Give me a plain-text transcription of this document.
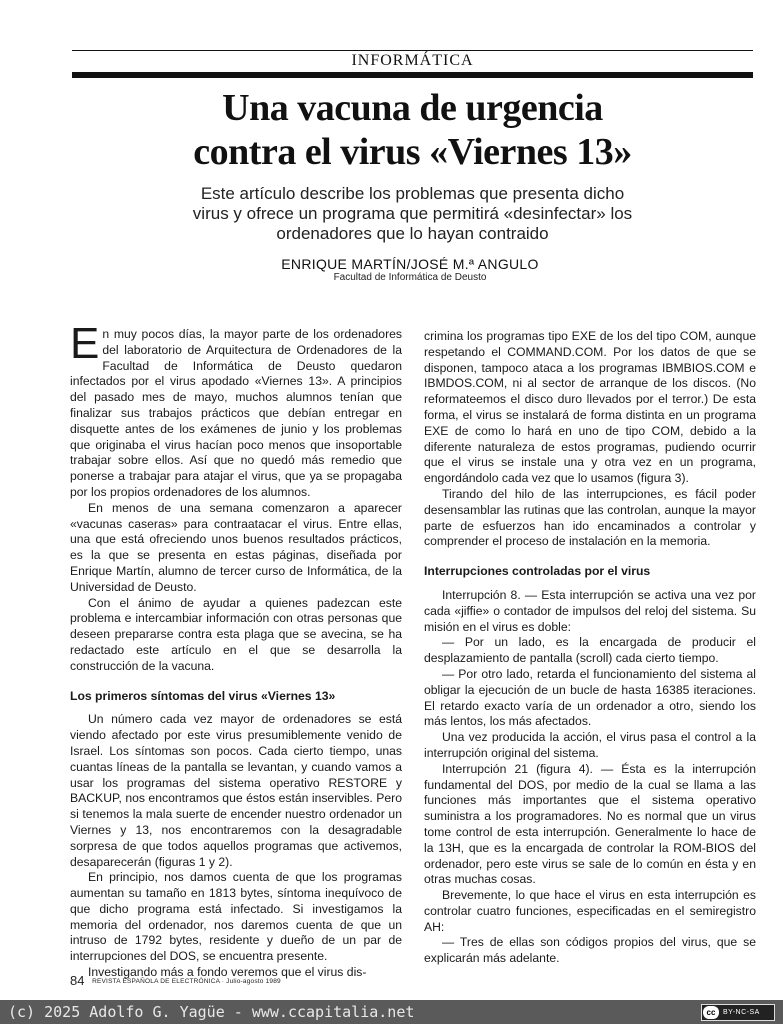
INFORMÁTICA
Una vacuna de urgencia
contra el virus «Viernes 13»

Este artículo describe los problemas que presenta dicho
virus y ofrece un programa que permitirá «desinfectar» los
ordenadores que lo hayan contraido

ENRIQUE MARTÍN/JOSÉ M.ª ANGULO
Facultad de Informática de Deusto

En muy pocos días, la mayor parte de los ordenadores del laboratorio de Arquitectura de Ordenadores de la Facultad de Informática de Deusto quedaron infectados por el virus apodado «Viernes 13». A principios del pasado mes de mayo, muchos alumnos tenían que finalizar sus trabajos prácticos que debían entregar en disquette antes de los exámenes de junio y los problemas que originaba el virus hacían poco menos que insoportable trabajar sobre ellos. Así que no quedó más remedio que ponerse a trabajar para atajar el virus, que ya se propagaba por los propios ordenadores de los alumnos.

En menos de una semana comenzaron a aparecer «vacunas caseras» para contraatacar el virus. Entre ellas, una que está ofreciendo unos buenos resultados prácticos, es la que se presenta en estas páginas, diseñada por Enrique Martín, alumno de tercer curso de Informática, de la Universidad de Deusto.

Con el ánimo de ayudar a quienes padezcan este problema e intercambiar información con otras personas que deseen prepararse contra esta plaga que se avecina, se ha redactado este artículo en el que se desarrolla la construcción de la vacuna.

Los primeros síntomas del virus «Viernes 13»

Un número cada vez mayor de ordenadores se está viendo afectado por este virus presumiblemente venido de Israel. Los síntomas son pocos. Cada cierto tiempo, unas cuantas líneas de la pantalla se levantan, y cuando vamos a usar los programas del sistema operativo RESTORE y BACKUP, nos encontramos que éstos están inservibles. Pero si tenemos la mala suerte de encender nuestro ordenador un Viernes y 13, nos encontraremos con la desagradable sorpresa de que todos aquellos programas que activemos, desaparecerán (figuras 1 y 2).

En principio, nos damos cuenta de que los programas aumentan su tamaño en 1813 bytes, síntoma inequívoco de que dicho programa está infectado. Si investigamos la memoria del ordenador, nos daremos cuenta de que un intruso de 1792 bytes, residente y dueño de un par de interrupciones del DOS, se encuentra presente.

Investigando más a fondo veremos que el virus dis-

crimina los programas tipo EXE de los del tipo COM, aunque respetando el COMMAND.COM. Por los datos de que se disponen, tampoco ataca a los programas IBMBIOS.COM e IBMDOS.COM, ni al sector de arranque de los discos. (No reformateemos el disco duro llevados por el terror.) De esta forma, el virus se instalará de forma distinta en un programa EXE de como lo hará en uno de tipo COM, debido a la diferente naturaleza de estos programas, pudiendo ocurrir que el virus se instale una y otra vez en un programa, engordándolo cada vez que lo usamos (figura 3).

Tirando del hilo de las interrupciones, es fácil poder desensamblar las rutinas que las controlan, aunque la mayor parte de esfuerzos han ido encaminados a controlar y comprender el proceso de instalación en la memoria.

Interrupciones controladas por el virus

Interrupción 8. — Esta interrupción se activa una vez por cada «jiffie» o contador de impulsos del reloj del sistema. Su misión en el virus es doble:

— Por un lado, es la encargada de producir el desplazamiento de pantalla (scroll) cada cierto tiempo.

— Por otro lado, retarda el funcionamiento del sistema al obligar la ejecución de un bucle de hasta 16385 iteraciones. El retardo exacto varía de un ordenador a otro, siendo los más lentos, los más afectados.

Una vez producida la acción, el virus pasa el control a la interrupción original del sistema.

Interrupción 21 (figura 4). — Ésta es la interrupción fundamental del DOS, por medio de la cual se llama a las funciones más importantes que el sistema operativo suministra a los programadores. No es normal que un virus tome control de esta interrupción. Generalmente lo hace de la 13H, que es la encargada de controlar la ROM-BIOS del ordenador, pero este virus se sale de lo común en ésta y en otras muchas cosas.

Brevemente, lo que hace el virus en esta interrupción es controlar cuatro funciones, especificadas en el semiregistro AH:

— Tres de ellas son códigos propios del virus, que se explicarán más adelante.

84 REVISTA ESPAÑOLA DE ELECTRÓNICA · Julio-agosto 1989
(c) 2025 Adolfo G. Yagüe - www.ccapitalia.net	cc	BY-NC-SA
